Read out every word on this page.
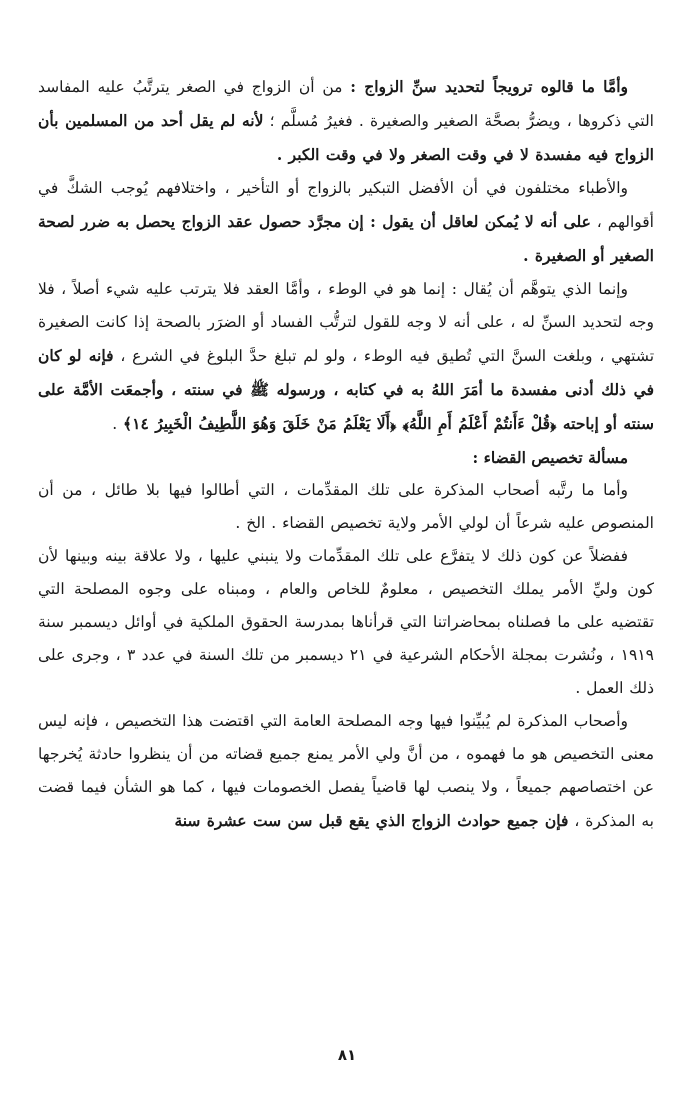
وأمَّا ما قالوه ترويجاً لتحديد سنِّ الزواج : من أن الزواج في الصغر يترتَّبُ عليه المفاسد التي ذكروها ، ويضرُّ بصحَّة الصغير والصغيرة . فغيرُ مُسلَّم ؛ لأنه لم يقل أحد من المسلمين بأن الزواج فيه مفسدة لا في وقت الصغر ولا في وقت الكبر .

والأطباء مختلفون في أن الأفضل التبكير بالزواج أو التأخير ، واختلافهم يُوجب الشكَّ في أقوالهم ، على أنه لا يُمكن لعاقل أن يقول : إن مجرَّد حصول عقد الزواج يحصل به ضرر لصحة الصغير أو الصغيرة .

وإنما الذي يتوهَّم أن يُقال : إنما هو في الوطء ، وأمَّا العقد فلا يترتب عليه شيء أصلاً ، فلا وجه لتحديد السنِّ له ، على أنه لا وجه للقول لترتُّب الفساد أو الضرَر بالصحة إذا كانت الصغيرة تشتهي ، وبلغت السنَّ التي تُطيق فيه الوطء ، ولو لم تبلغ حدَّ البلوغ في الشرع ، فإنه لو كان في ذلك أدنى مفسدة ما أمَرَ اللهُ به في كتابه ، ورسوله ﷺ في سنته ، وأجمعَت الأمَّة على سنته أو إباحته ﴿قُلْ ءَأَنتُمْ أَعْلَمُ أَمِ اللَّهُ﴾ ﴿أَلَا يَعْلَمُ مَنْ خَلَقَ وَهُوَ اللَّطِيفُ الْخَبِيرُ ١٤﴾ .

مسألة تخصيص القضاء :

وأما ما رتَّبه أصحاب المذكرة على تلك المقدِّمات ، التي أطالوا فيها بلا طائل ، من أن المنصوص عليه شرعاً أن لولي الأمر ولاية تخصيص القضاء . الخ .

ففضلاً عن كون ذلك لا يتفرَّع على تلك المقدِّمات ولا ينبني عليها ، ولا علاقة بينه وبينها لأن كون وليِّ الأمر يملك التخصيص ، معلومٌ للخاص والعام ، ومبناه على وجوه المصلحة التي تقتضيه على ما فصلناه بمحاضراتنا التي قرأناها بمدرسة الحقوق الملكية في أوائل ديسمبر سنة ١٩١٩ ، ونُشرت بمجلة الأحكام الشرعية في ٢١ ديسمبر من تلك السنة في عدد ٣ ، وجرى على ذلك العمل .

وأصحاب المذكرة لم يُبيِّنوا فيها وجه المصلحة العامة التي اقتضت هذا التخصيص ، فإنه ليس معنى التخصيص هو ما فهموه ، من أنَّ ولي الأمر يمنع جميع قضاته من أن ينظروا حادثة يُخرجها عن اختصاصهم جميعاً ، ولا ينصب لها قاضياً يفصل الخصومات فيها ، كما هو الشأن فيما قضت به المذكرة ، فإن جميع حوادث الزواج الذي يقع قبل سن ست عشرة سنة

٨١
